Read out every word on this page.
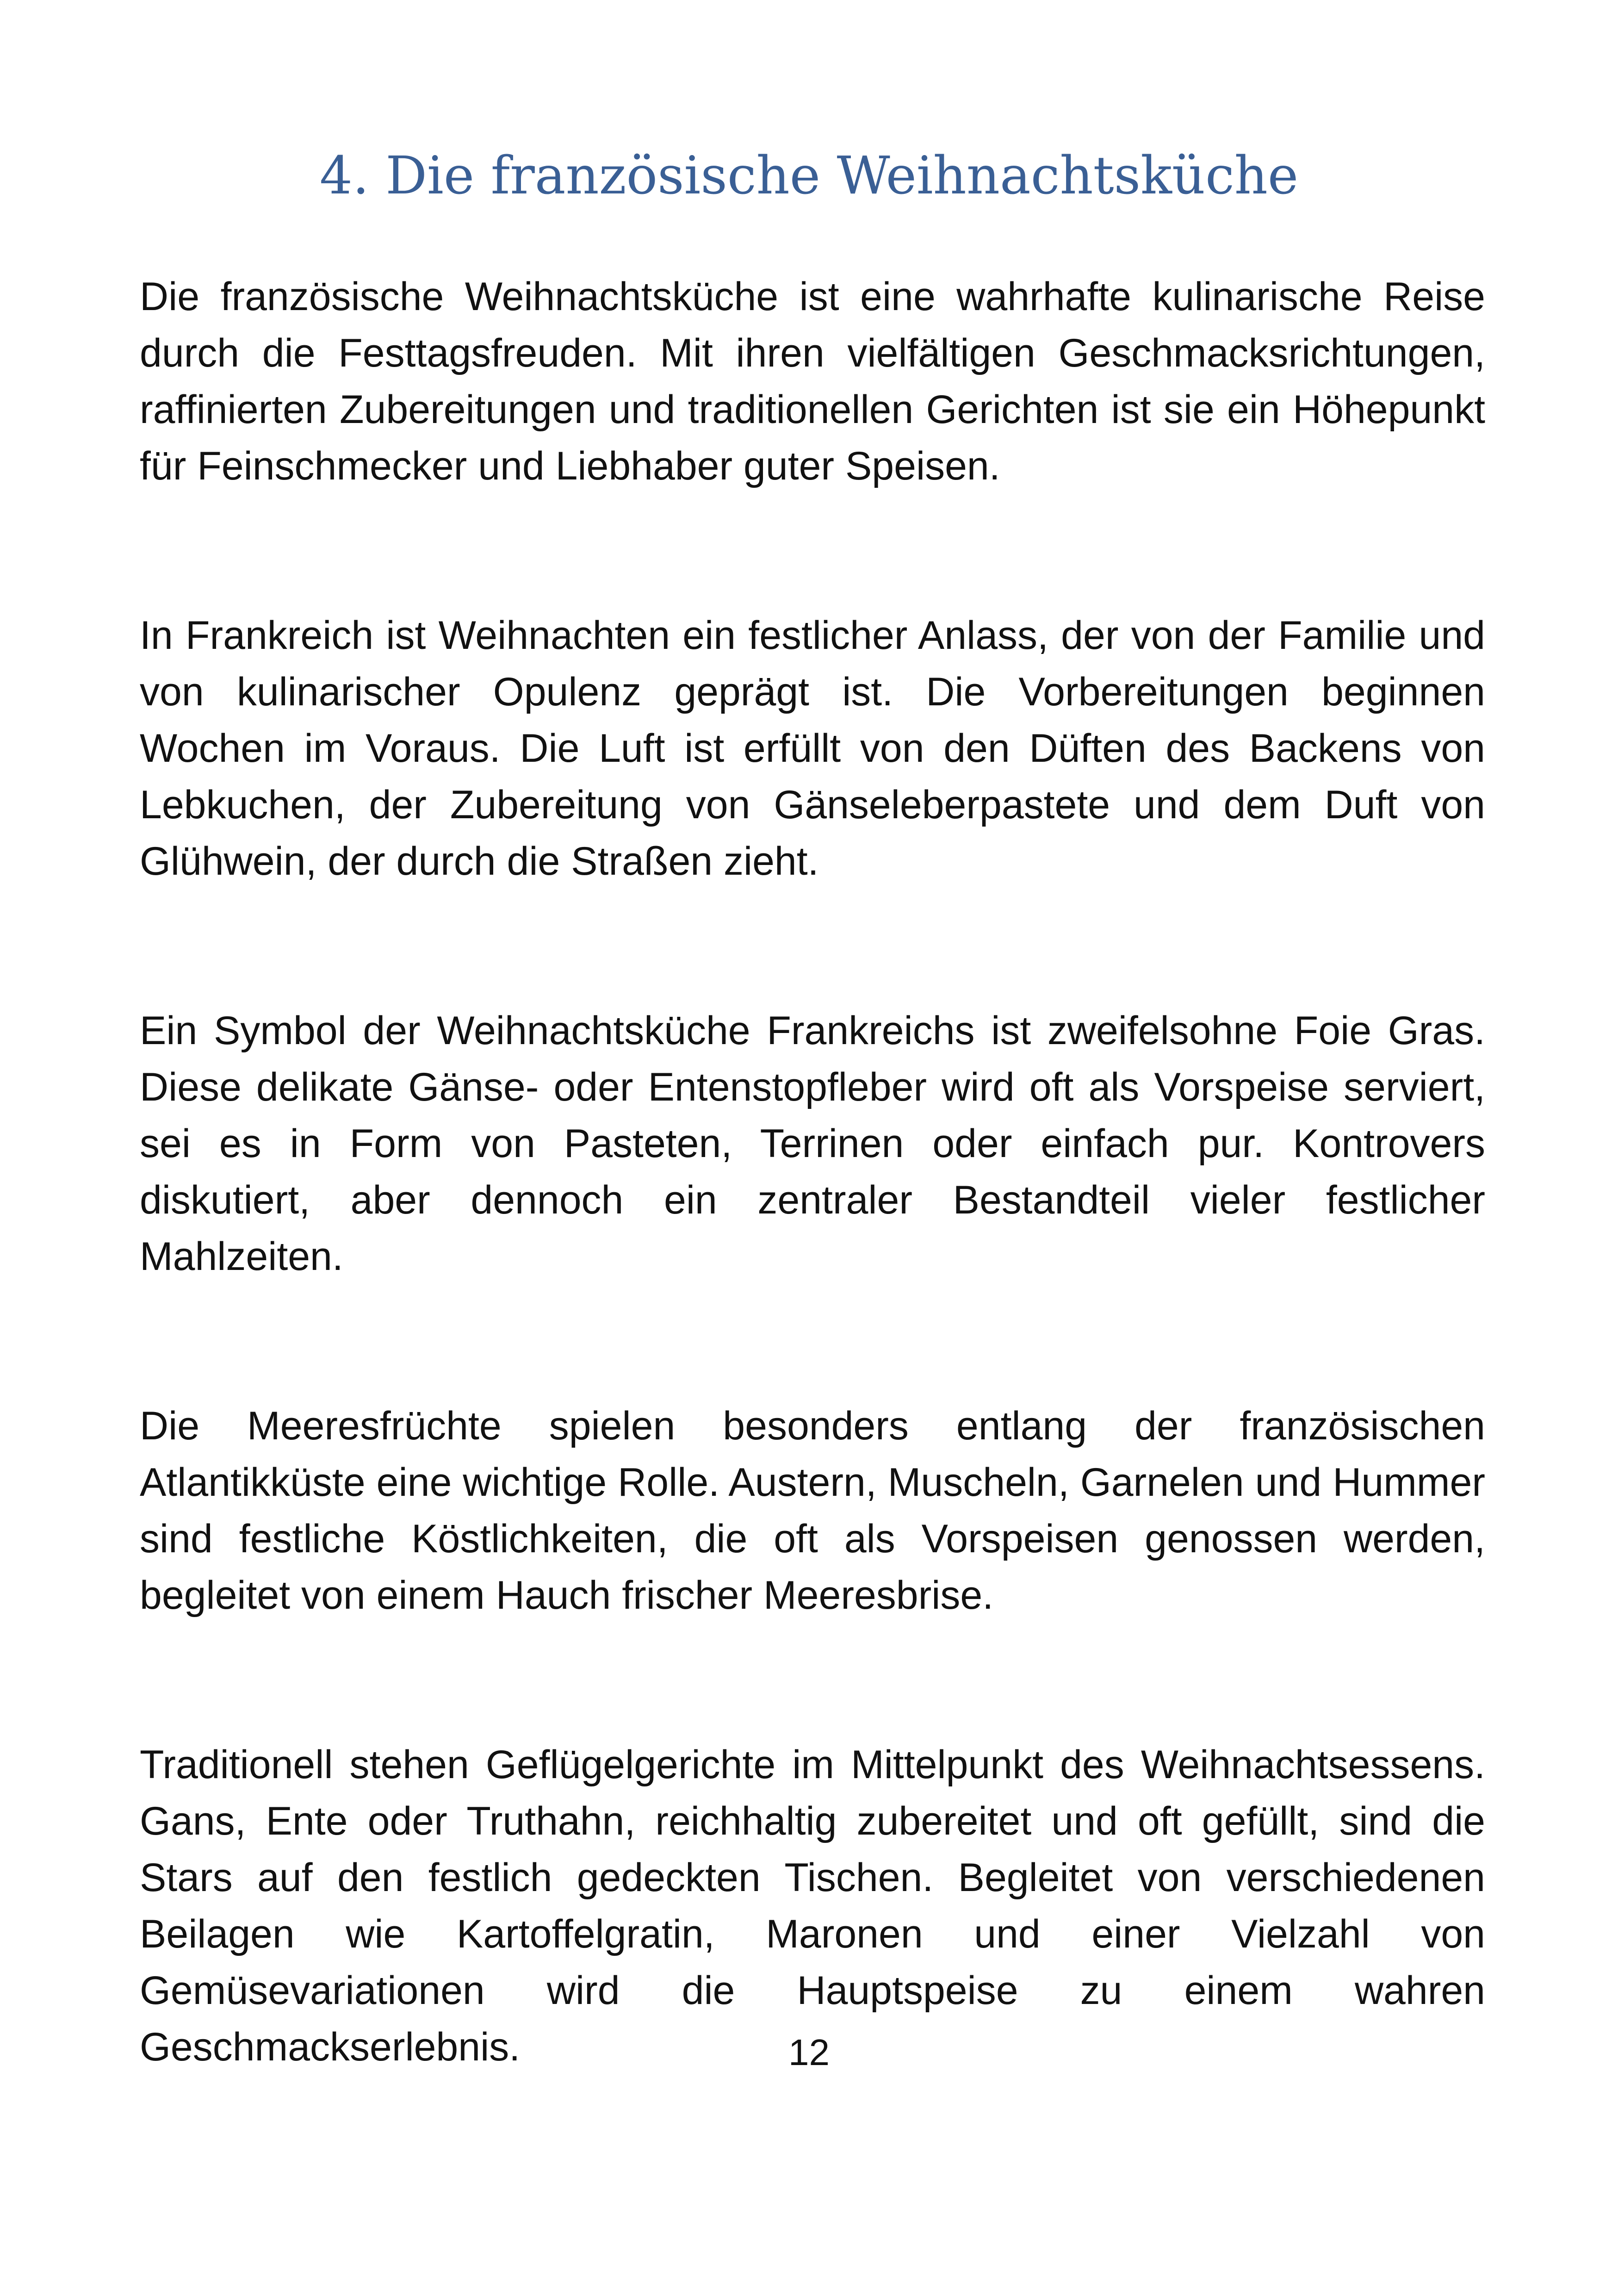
4. Die französische Weihnachtsküche

Die französische Weihnachtsküche ist eine wahrhafte kulinarische Reise durch die Festtagsfreuden. Mit ihren vielfältigen Geschmacksrichtungen, raffinierten Zubereitungen und traditionellen Gerichten ist sie ein Höhepunkt für Feinschmecker und Liebhaber guter Speisen.

In Frankreich ist Weihnachten ein festlicher Anlass, der von der Familie und von kulinarischer Opulenz geprägt ist. Die Vorbereitungen beginnen Wochen im Voraus. Die Luft ist erfüllt von den Düften des Backens von Lebkuchen, der Zubereitung von Gänseleberpastete und dem Duft von Glühwein, der durch die Straßen zieht.

Ein Symbol der Weihnachtsküche Frankreichs ist zweifelsohne Foie Gras. Diese delikate Gänse- oder Entenstopfleber wird oft als Vorspeise serviert, sei es in Form von Pasteten, Terrinen oder einfach pur. Kontrovers diskutiert, aber dennoch ein zentraler Bestandteil vieler festlicher Mahlzeiten.

Die Meeresfrüchte spielen besonders entlang der französischen Atlantikküste eine wichtige Rolle. Austern, Muscheln, Garnelen und Hummer sind festliche Köstlichkeiten, die oft als Vorspeisen genossen werden, begleitet von einem Hauch frischer Meeresbrise.

Traditionell stehen Geflügelgerichte im Mittelpunkt des Weihnachtsessens. Gans, Ente oder Truthahn, reichhaltig zubereitet und oft gefüllt, sind die Stars auf den festlich gedeckten Tischen. Begleitet von verschiedenen Beilagen wie Kartoffelgratin, Maronen und einer Vielzahl von Gemüsevariationen wird die Hauptspeise zu einem wahren Geschmackserlebnis.	12
